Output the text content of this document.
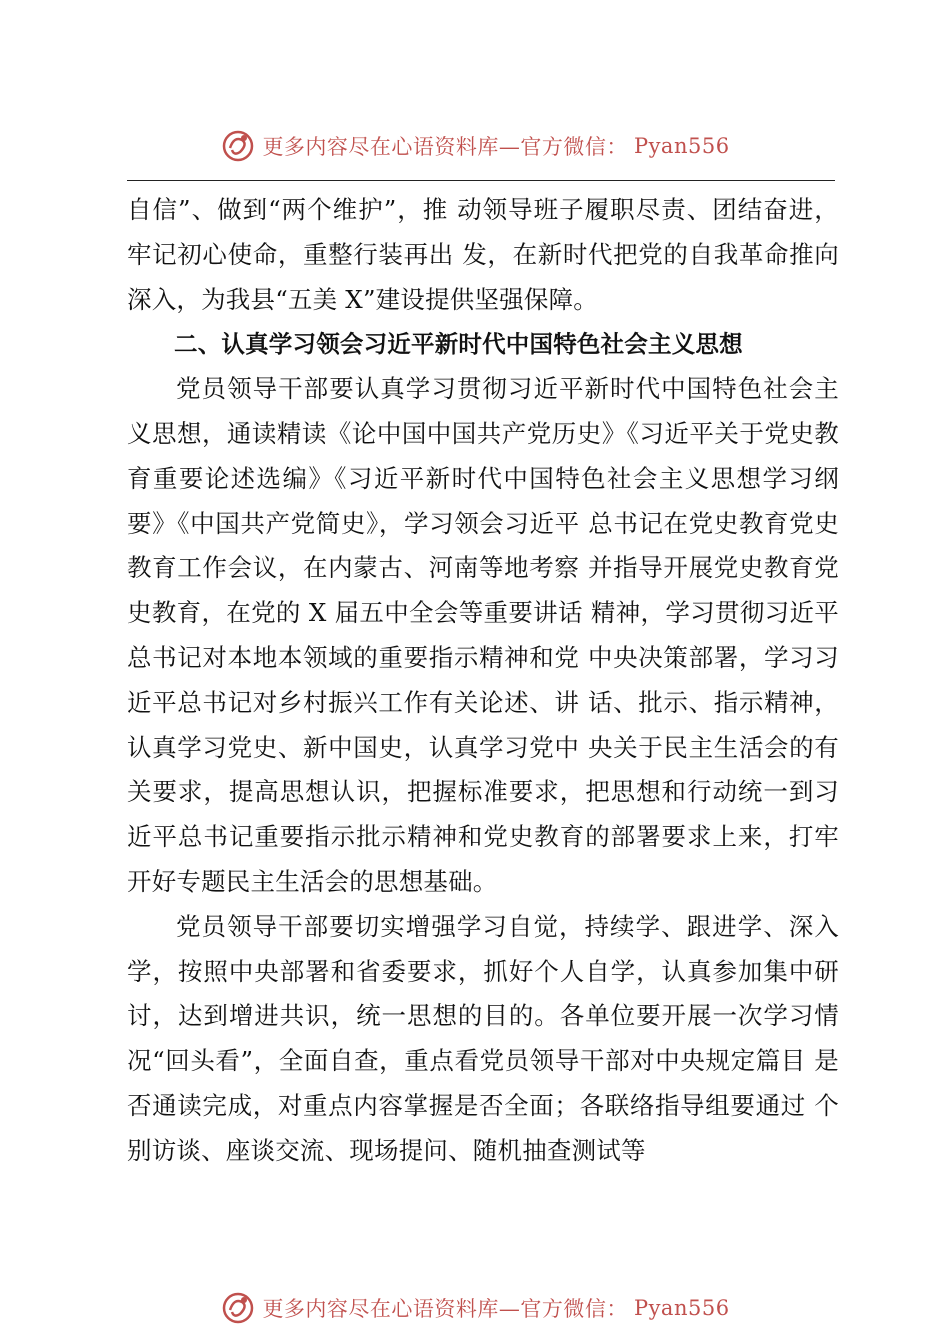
更多内容尽在心语资料库—官方微信： Pyan556

自信”、做到“两个维护”，推 动领导班子履职尽责、团结奋进，牢记初心使命，重整行装再出 发，在新时代把党的自我革命推向深入，为我县“五美 X”建设提供坚强保障。

二、认真学习领会习近平新时代中国特色社会主义思想

党员领导干部要认真学习贯彻习近平新时代中国特色社会主义思想，通读精读《论中国中国共产党历史》《习近平关于党史教育重要论述选编》《习近平新时代中国特色社会主义思想学习纲要》《中国共产党简史》，学习领会习近平 总书记在党史教育党史教育工作会议，在内蒙古、河南等地考察 并指导开展党史教育党史教育，在党的 X 届五中全会等重要讲话 精神，学习贯彻习近平总书记对本地本领域的重要指示精神和党 中央决策部署，学习习近平总书记对乡村振兴工作有关论述、讲 话、批示、指示精神，认真学习党史、新中国史，认真学习党中 央关于民主生活会的有关要求，提高思想认识，把握标准要求，把思想和行动统一到习近平总书记重要指示批示精神和党史教育的部署要求上来，打牢开好专题民主生活会的思想基础。

党员领导干部要切实增强学习自觉，持续学、跟进学、深入 学，按照中央部署和省委要求，抓好个人自学，认真参加集中研 讨，达到增进共识，统一思想的目的。各单位要开展一次学习情 况“回头看”，全面自查，重点看党员领导干部对中央规定篇目 是否通读完成，对重点内容掌握是否全面；各联络指导组要通过 个别访谈、座谈交流、现场提问、随机抽查测试等

更多内容尽在心语资料库—官方微信： Pyan556
